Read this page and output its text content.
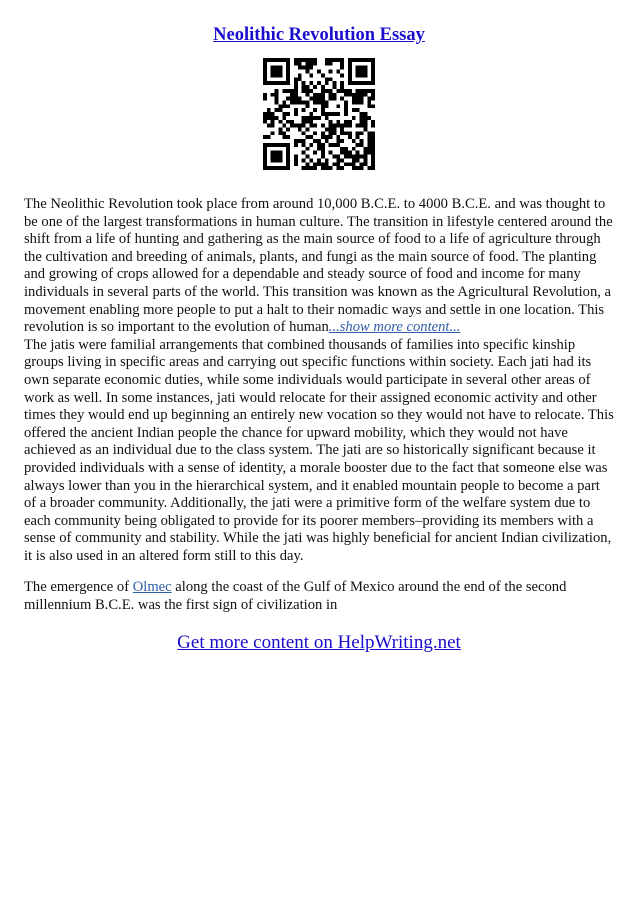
Neolithic Revolution Essay

The Neolithic Revolution took place from around 10,000 B.C.E. to 4000 B.C.E. and was thought to be one of the largest transformations in human culture. The transition in lifestyle centered around the shift from a life of hunting and gathering as the main source of food to a life of agriculture through the cultivation and breeding of animals, plants, and fungi as the main source of food. The planting and growing of crops allowed for a dependable and steady source of food and income for many individuals in several parts of the world. This transition was known as the Agricultural Revolution, a movement enabling more people to put a halt to their nomadic ways and settle in one location. This revolution is so important to the evolution of human...show more content...

The jatis were familial arrangements that combined thousands of families into specific kinship groups living in specific areas and carrying out specific functions within society. Each jati had its own separate economic duties, while some individuals would participate in several other areas of work as well. In some instances, jati would relocate for their assigned economic activity and other times they would end up beginning an entirely new vocation so they would not have to relocate. This offered the ancient Indian people the chance for upward mobility, which they would not have achieved as an individual due to the class system. The jati are so historically significant because it provided individuals with a sense of identity, a morale booster due to the fact that someone else was always lower than you in the hierarchical system, and it enabled mountain people to become a part of a broader community. Additionally, the jati were a primitive form of the welfare system due to each community being obligated to provide for its poorer members–providing its members with a sense of community and stability. While the jati was highly beneficial for ancient Indian civilization, it is also used in an altered form still to this day.

The emergence of Olmec along the coast of the Gulf of Mexico around the end of the second millennium B.C.E. was the first sign of civilization in

Get more content on HelpWriting.net
